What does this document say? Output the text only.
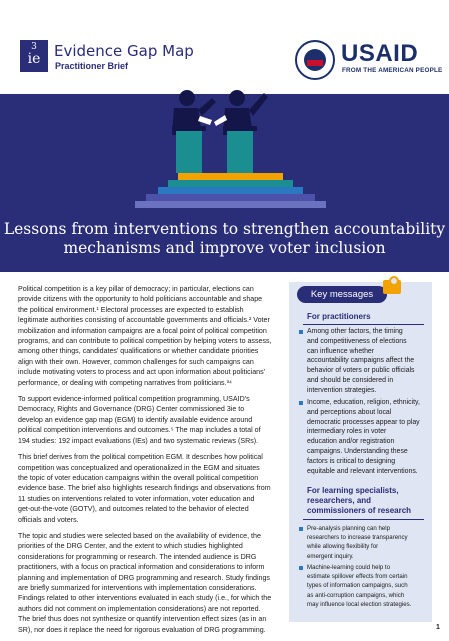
3
ie Evidence Gap Map
Practitioner Brief	USAID
FROM THE AMERICAN PEOPLE
Lessons from interventions to strengthen accountability
mechanisms and improve voter inclusion

Political competition is a key pillar of democracy; in particular, elections can
provide citizens with the opportunity to hold politicians accountable and shape
the political environment.¹ Electoral processes are expected to establish
legitimate authorities consisting of accountable governments and officials.² Voter
mobilization and information campaigns are a focal point of political competition
programs, and can contribute to political competition by helping voters to assess,
among other things, candidates' qualifications or whether candidate priorities
align with their own. However, common challenges for such campaigns can
include motivating voters to process and act upon information about politicians'
performance, or dealing with competing narratives from politicians.³⁴

To support evidence-informed political competition programming, USAID's
Democracy, Rights and Governance (DRG) Center commissioned 3ie to
develop an evidence gap map (EGM) to identify available evidence around
political competition interventions and outcomes.⁵ The map includes a total of
194 studies: 192 impact evaluations (IEs) and two systematic reviews (SRs).

This brief derives from the political competition EGM. It describes how political
competition was conceptualized and operationalized in the EGM and situates
the topic of voter education campaigns within the overall political competition
evidence base. The brief also highlights research findings and observations from
11 studies on interventions related to voter information, voter education and
get-out-the-vote (GOTV), and outcomes related to the behavior of elected
officials and voters.

The topic and studies were selected based on the availability of evidence, the
priorities of the DRG Center, and the extent to which studies highlighted
considerations for programming or research. The intended audience is DRG
practitioners, with a focus on practical information and considerations to inform
planning and implementation of DRG programming and research. Study findings
are briefly summarized for interventions with implementation considerations.
Findings related to other interventions evaluated in each study (i.e., for which the
authors did not comment on implementation considerations) are not reported.
The brief thus does not synthesize or quantify intervention effect sizes (as in an
SR), nor does it replace the need for rigorous evaluation of DRG programming.

Key messages
For practitioners
Among other factors, the timing
and competitiveness of elections
can influence whether
accountability campaigns affect the
behavior of voters or public officials
and should be considered in
intervention strategies.
Income, education, religion, ethnicity,
and perceptions about local
democratic processes appear to play
intermediary roles in voter
education and/or registration
campaigns. Understanding these
factors is critical to designing
equitable and relevant interventions.
For learning specialists,
researchers, and
commissioners of research
Pre-analysis planning can help
researchers to increase transparency
while allowing flexibility for
emergent inquiry.
Machine-learning could help to
estimate spillover effects from certain
types of information campaigns, such
as anti-corruption campaigns, which
may influence local election strategies.
1
